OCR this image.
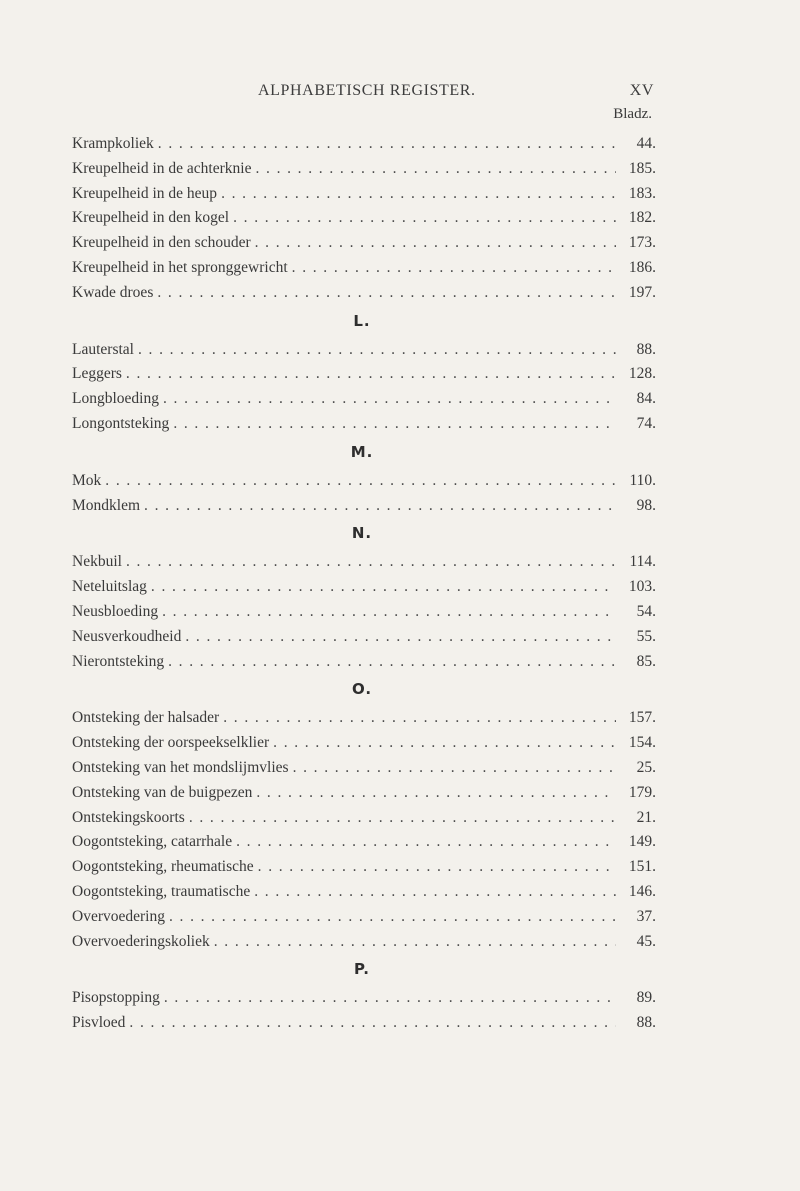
ALPHABETISCH REGISTER.	XV
Bladz.
Krampkoliek . . .	44.
Kreupelheid in de achterknie . . .	185.
Kreupelheid in de heup . . .	183.
Kreupelheid in den kogel . . .	182.
Kreupelheid in den schouder . . .	173.
Kreupelheid in het spronggewricht . . .	186.
Kwade droes . . .	197.
L.
Lauterstal . . .	88.
Leggers . . .	128.
Longbloeding . . .	84.
Longontsteking . . .	74.
M.
Mok . . .	110.
Mondklem . . .	98.
N.
Nekbuil . . .	114.
Neteluitslag . . .	103.
Neusbloeding . . .	54.
Neusverkoudheid . . .	55.
Nierontsteking . . .	85.
O.
Ontsteking der halsader . . .	157.
Ontsteking der oorspeekselklier . . .	154.
Ontsteking van het mondslijmvlies . . .	25.
Ontsteking van de buigpezen . . .	179.
Ontstekingskoorts . . .	21.
Oogontsteking, catarrhale . . .	149.
Oogontsteking, rheumatische . . .	151.
Oogontsteking, traumatische . . .	146.
Overvoedering . . .	37.
Overvoederingskoliek . . .	45.
P.
Pisopstopping . . .	89.
Pisvloed . . .	88.
